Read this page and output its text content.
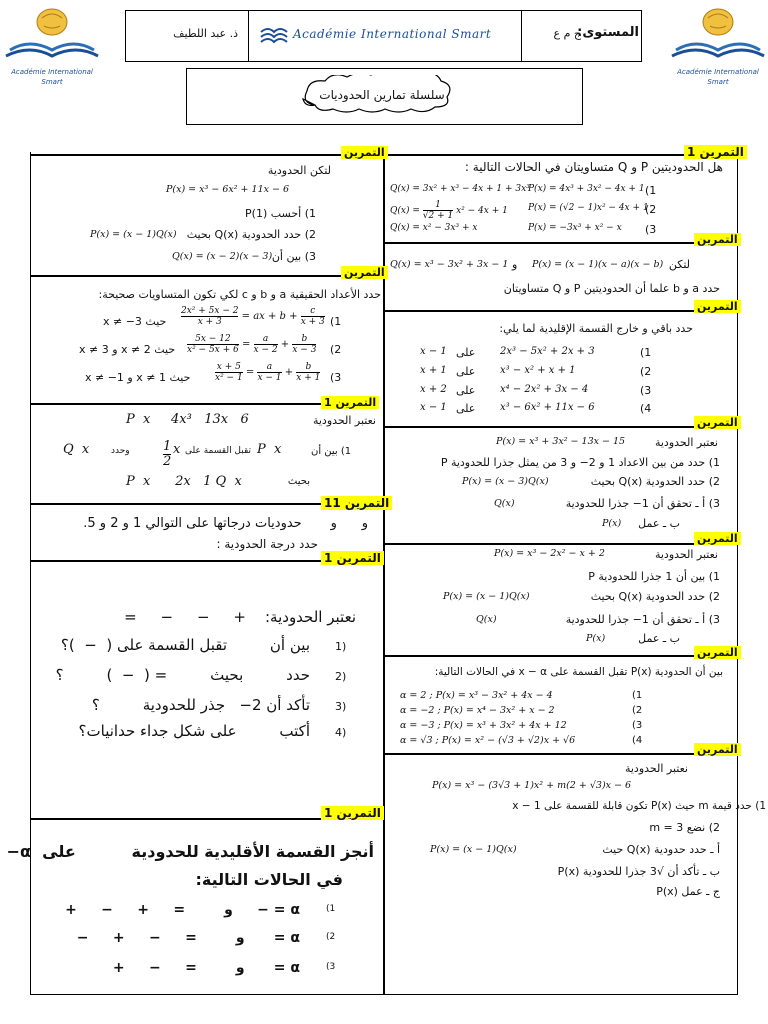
Académie International
Smart
Académie International
Smart
ذ. عبد اللطيف	Académie International Smart	المستوى:
ج م ع
سلسلة تمارين الحدوديات
التمرين 1
هل الحدوديتين P و Q متساويتان في الحالات التالية :
(1
P(x) = 4x³ + 3x² − 4x + 1
Q(x) = 3x² + x³ − 4x + 1 + 3x³
(2
P(x) = (√2 − 1)x² − 4x + 1
$Q(x) = \frac{1}{√2 + 1} x^2 - 4x + 1$
(3
P(x) = −3x³ + x² − x
Q(x) = x² − 3x³ + x
التمرين
لتكن
P(x) = (x − 1)(x − a)(x − b)
و
Q(x) = x³ − 3x² + 3x − 1
حدد a و b علما أن الحدوديتين P و Q متساويتان
التمرين
حدد باقي و خارج القسمة الإقليدية لما يلي:
(1
2x³ − 5x² + 2x + 3
على
x − 1
(2
x³ − x² + x + 1
على
x + 1
(3
x⁴ − 2x² + 3x − 4
على
x + 2
(4
x³ − 6x² + 11x − 6
على
x − 1
التمرين
نعتبر الحدودية
P(x) = x³ + 3x² − 13x − 15
1) حدد من بين الاعداد 1 و 2− و 3 من يمثل جذرا للحدودية P
2) حدد الحدودية Q(x) بحيث
P(x) = (x − 3)Q(x)
3) أ ـ تحقق أن 1− جذرا للحدودية
Q(x)
ب ـ عمل
P(x)
التمرين
نعتبر الحدودية
P(x) = x³ − 2x² − x + 2
1) بين أن 1 جذرا للحدودية P
2) حدد الحدودية Q(x) بحيث
P(x) = (x − 1)Q(x)
3) أ ـ تحقق أن 1− جذرا للحدودية
Q(x)
ب ـ عمل
P(x)
التمرين
بين أن الحدودية P(x) تقبل القسمة على x − α في الحالات التالية:
(1
α = 2 ; P(x) = x³ − 3x² + 4x − 4
(2
α = −2 ; P(x) = x⁴ − 3x² + x − 2
(3
α = −3 ; P(x) = x³ + 3x² + 4x + 12
(4
α = √3 ; P(x) = x² − (√3 + √2)x + √6
التمرين
نعتبر الحدودية
P(x) = x³ − (3√3 + 1)x² + m(2 + √3)x − 6
1) حدد قيمة m حيث P(x) تكون قابلة للقسمة على x − 1
2) نضع m = 3
أ ـ حدد حدودية Q(x) حيث
P(x) = (x − 1)Q(x)
ب ـ تأكد أن √3 جذرا للحدودية P(x)
ج ـ عمل P(x)
التمرين
لتكن الحدودية
P(x) = x³ − 6x² + 11x − 6
1) أحسب P(1)
2) حدد الحدودية Q(x) بحيث
P(x) = (x − 1)Q(x)
3) بين أن
Q(x) = (x − 2)(x − 3)
التمرين
حدد الأعداد الحقيقية a و b و c لكي تكون المتساويات صحيحة:
(1
$\frac{\text{2x² + 5x − 2}}{x + 3}$ = ax + $b + \frac{c}{x + 3}$
حيث x ≠ −3
(2
$\frac{5x - 12}{\text{x² − 5x + 6}} = \frac{a}{x - 2} + \frac{b}{x - 3}$
حيث x ≠ 2 و x ≠ 3
(3
$\frac{x + 5}{\text{x² − 1}} = \frac{a}{x - 1} + \frac{b}{x + 1}$
حيث x ≠ 1 و x ≠ −1
التمرين 1
نعتبر الحدودية
P  x     4x³   13x   6
1) بين أن
P  x
تقبل القسمة على
x
$\frac{1}{2}$
وحدد
Q  x
بحيث
P  x      2x   1 Q  x
التمرين 11
و      و       حدوديات درجاتها على التوالي 1 و 2 و 5.
حدد درجة الحدودية :
التمرين 1
نعتبر الحدودية:    +     −     −     =
1)
بين أن         تقبل القسمة على (  −  )؟
2)
حدد         بحيث         = (  −  )         ؟
3)
تأكد أن 2−   جذر للحدودية         ؟
4)
أكتب         على شكل جداء حدانيات؟
التمرين 1
أنجز القسمة الأقليدية للحدودية          على  α−
في الحالات التالية:
(1
α = −     و        =     +     −     +
(2
α =      و        =     −     +     −
(3
α =      و        =     −     +
